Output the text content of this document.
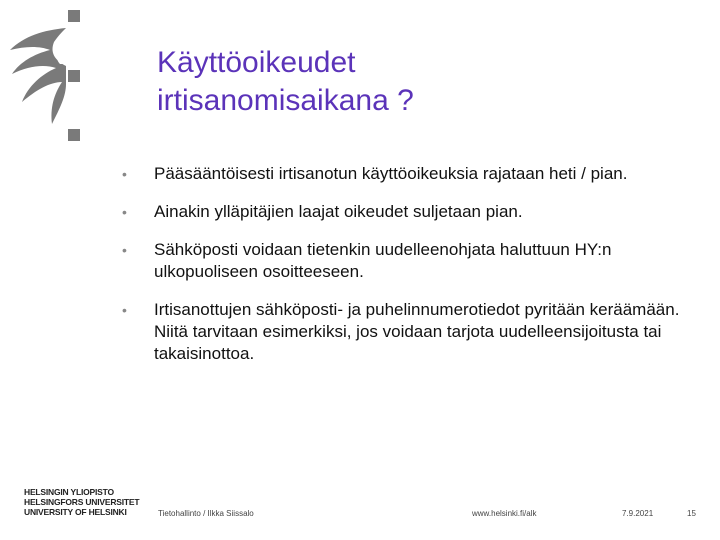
Käyttöoikeudet
irtisanomisaikana ?
• Pääsääntöisesti irtisanotun käyttöoikeuksia rajataan heti / pian.
• Ainakin ylläpitäjien laajat oikeudet suljetaan pian.
• Sähköposti voidaan tietenkin uudelleenohjata haluttuun HY:n ulkopuoliseen osoitteeseen.
• Irtisanottujen sähköposti- ja puhelinnumerotiedot pyritään keräämään. Niitä tarvitaan esimerkiksi, jos voidaan tarjota uudelleensijoitusta tai takaisinottoa.
HELSINGIN YLIOPISTO
HELSINGFORS UNIVERSITET
UNIVERSITY OF HELSINKI	Tietohallinto / Ilkka Siissalo	www.helsinki.fi/alk	7.9.2021	15
